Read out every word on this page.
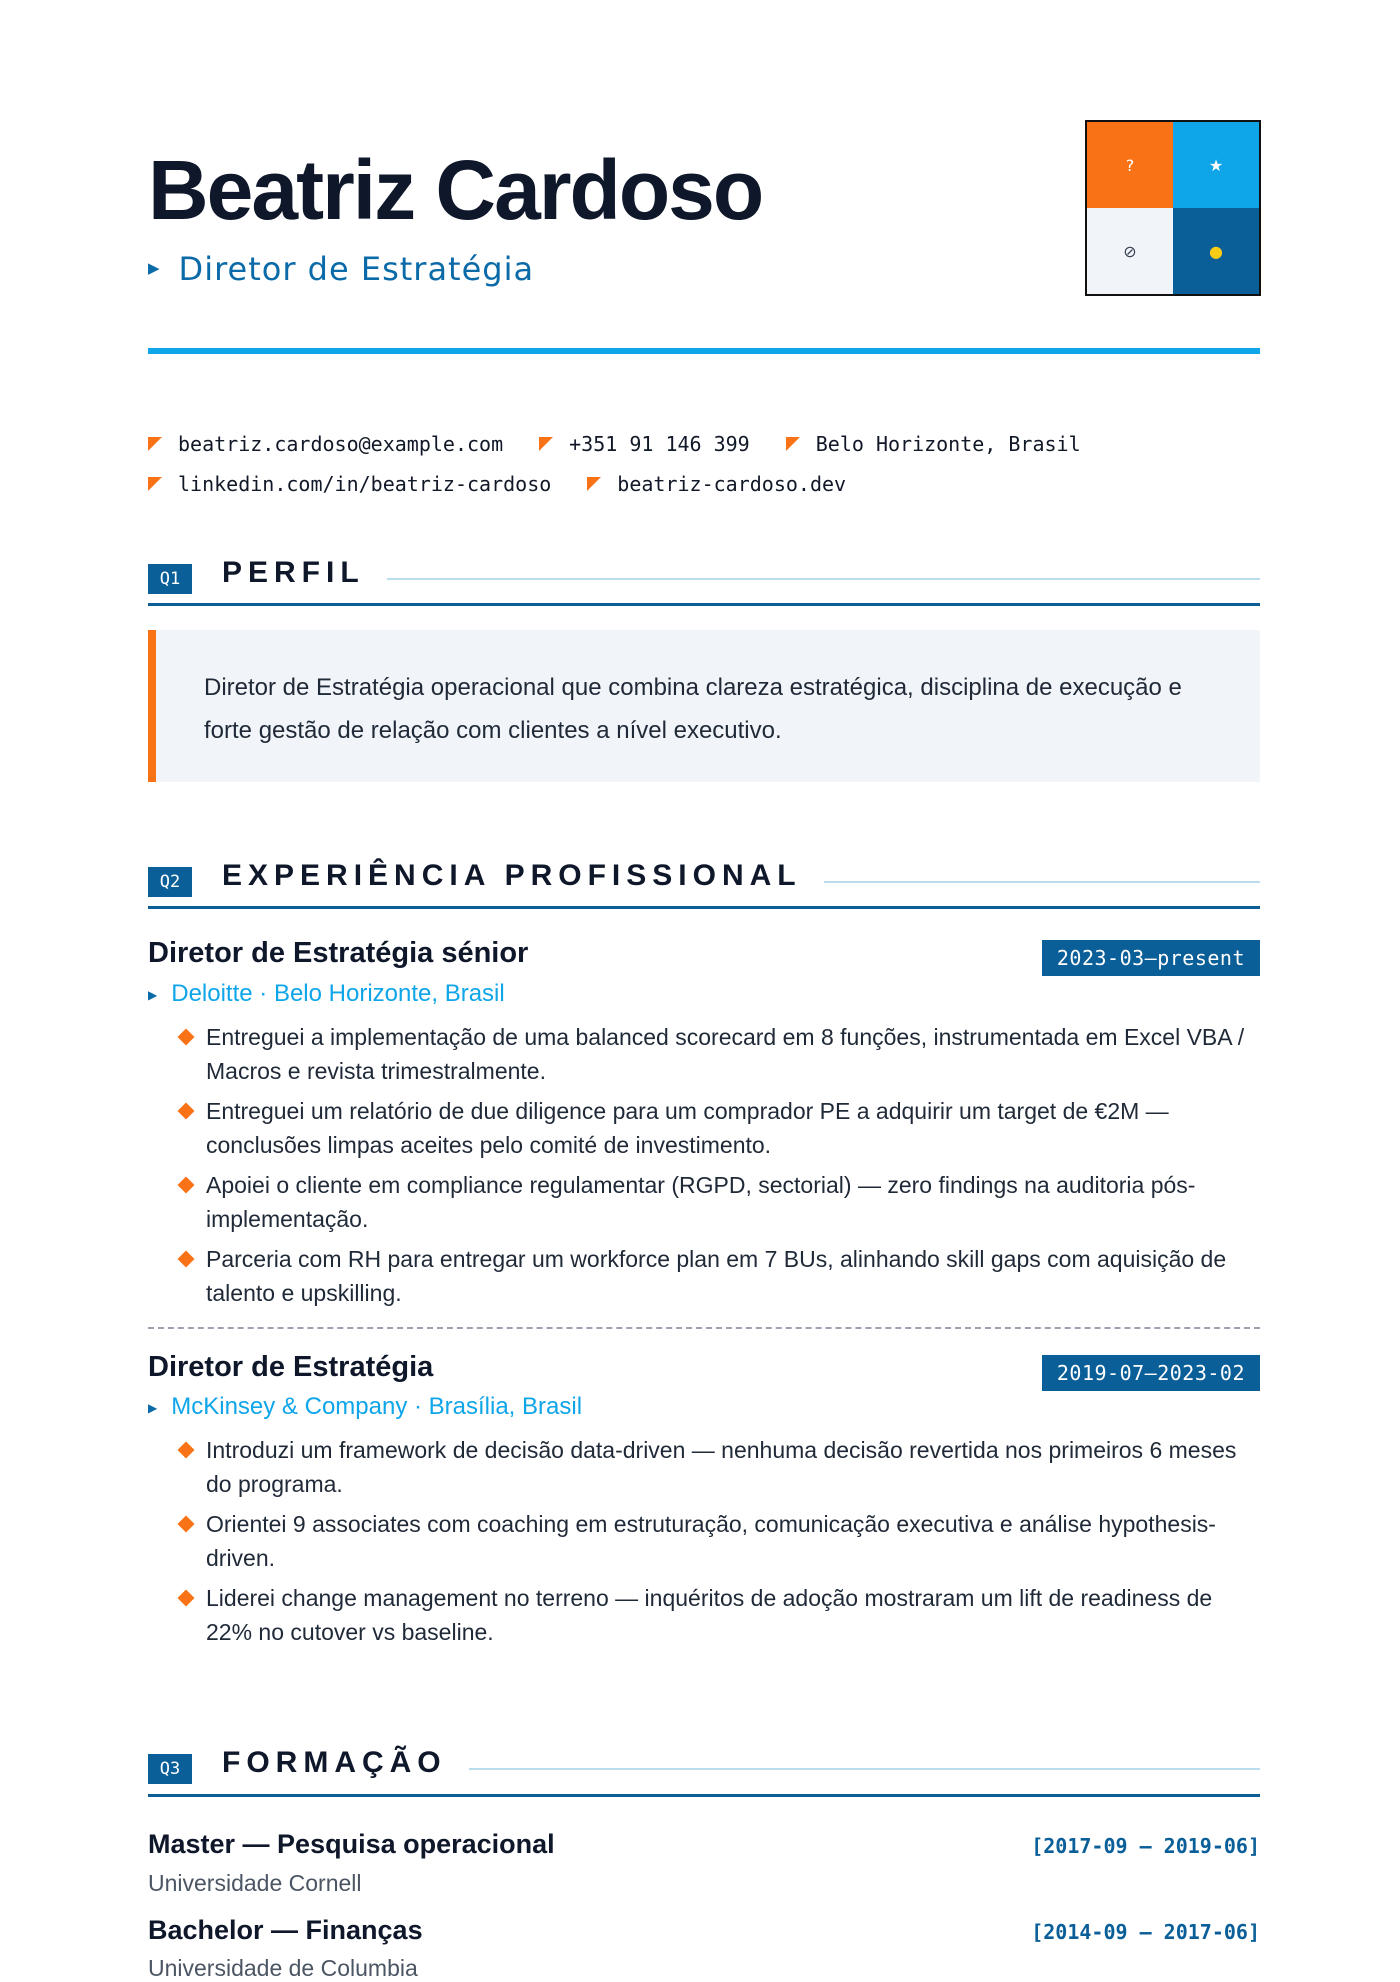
Beatriz Cardoso
▶ Diretor de Estratégia
?	★
⊘	●
beatriz.cardoso@example.com	+351 91 146 399	Belo Horizonte, Brasil
linkedin.com/in/beatriz-cardoso	beatriz-cardoso.dev
Q1	PERFIL
Diretor de Estratégia operacional que combina clareza estratégica, disciplina de execução e forte gestão de relação com clientes a nível executivo.
Q2	EXPERIÊNCIA PROFISSIONAL
Diretor de Estratégia sénior	2023-03–present
▶ Deloitte · Belo Horizonte, Brasil
Entreguei a implementação de uma balanced scorecard em 8 funções, instrumentada em Excel VBA / Macros e revista trimestralmente.
Entreguei um relatório de due diligence para um comprador PE a adquirir um target de €2M — conclusões limpas aceites pelo comité de investimento.
Apoiei o cliente em compliance regulamentar (RGPD, sectorial) — zero findings na auditoria pós-implementação.
Parceria com RH para entregar um workforce plan em 7 BUs, alinhando skill gaps com aquisição de talento e upskilling.
Diretor de Estratégia	2019-07–2023-02
▶ McKinsey & Company · Brasília, Brasil
Introduzi um framework de decisão data-driven — nenhuma decisão revertida nos primeiros 6 meses do programa.
Orientei 9 associates com coaching em estruturação, comunicação executiva e análise hypothesis-driven.
Liderei change management no terreno — inquéritos de adoção mostraram um lift de readiness de 22% no cutover vs baseline.
Q3	FORMAÇÃO
Master — Pesquisa operacional	[2017-09 – 2019-06]
Universidade Cornell
Bachelor — Finanças	[2014-09 – 2017-06]
Universidade de Columbia
